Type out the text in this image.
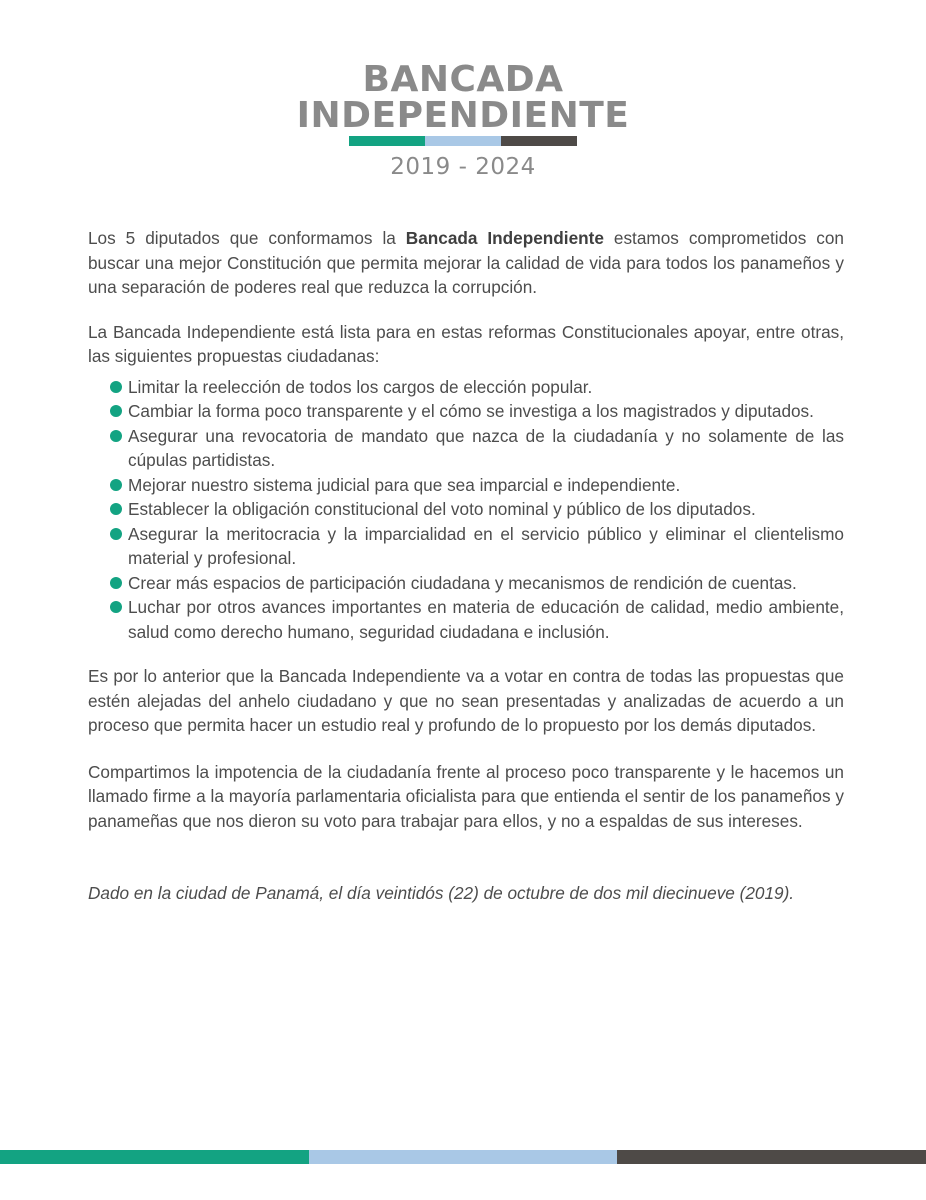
BANCADA
INDEPENDIENTE
2019 - 2024

Los 5 diputados que conformamos la Bancada Independiente estamos comprometidos con buscar una mejor Constitución que permita mejorar la calidad de vida para todos los panameños y una separación de poderes real que reduzca la corrupción.

La Bancada Independiente está lista para en estas reformas Constitucionales apoyar, entre otras, las siguientes propuestas ciudadanas:

Limitar la reelección de todos los cargos de elección popular.
Cambiar la forma poco transparente y el cómo se investiga a los magistrados y diputados.
Asegurar una revocatoria de mandato que nazca de la ciudadanía y no solamente de las cúpulas partidistas.
Mejorar nuestro sistema judicial para que sea imparcial e independiente.
Establecer la obligación constitucional del voto nominal y público de los diputados.
Asegurar la meritocracia y la imparcialidad en el servicio público y eliminar el clientelismo material y profesional.
Crear más espacios de participación ciudadana y mecanismos de rendición de cuentas.
Luchar por otros avances importantes en materia de educación de calidad, medio ambiente, salud como derecho humano, seguridad ciudadana e inclusión.

Es por lo anterior que la Bancada Independiente va a votar en contra de todas las propuestas que estén alejadas del anhelo ciudadano y que no sean presentadas y analizadas de acuerdo a un proceso que permita hacer un estudio real y profundo de lo propuesto por los demás diputados.

Compartimos la impotencia de la ciudadanía frente al proceso poco transparente y le hacemos un llamado firme a la mayoría parlamentaria oficialista para que entienda el sentir de los panameños y panameñas que nos dieron su voto para trabajar para ellos, y no a espaldas de sus intereses.

Dado en la ciudad de Panamá, el día veintidós (22) de octubre de dos mil diecinueve (2019).
